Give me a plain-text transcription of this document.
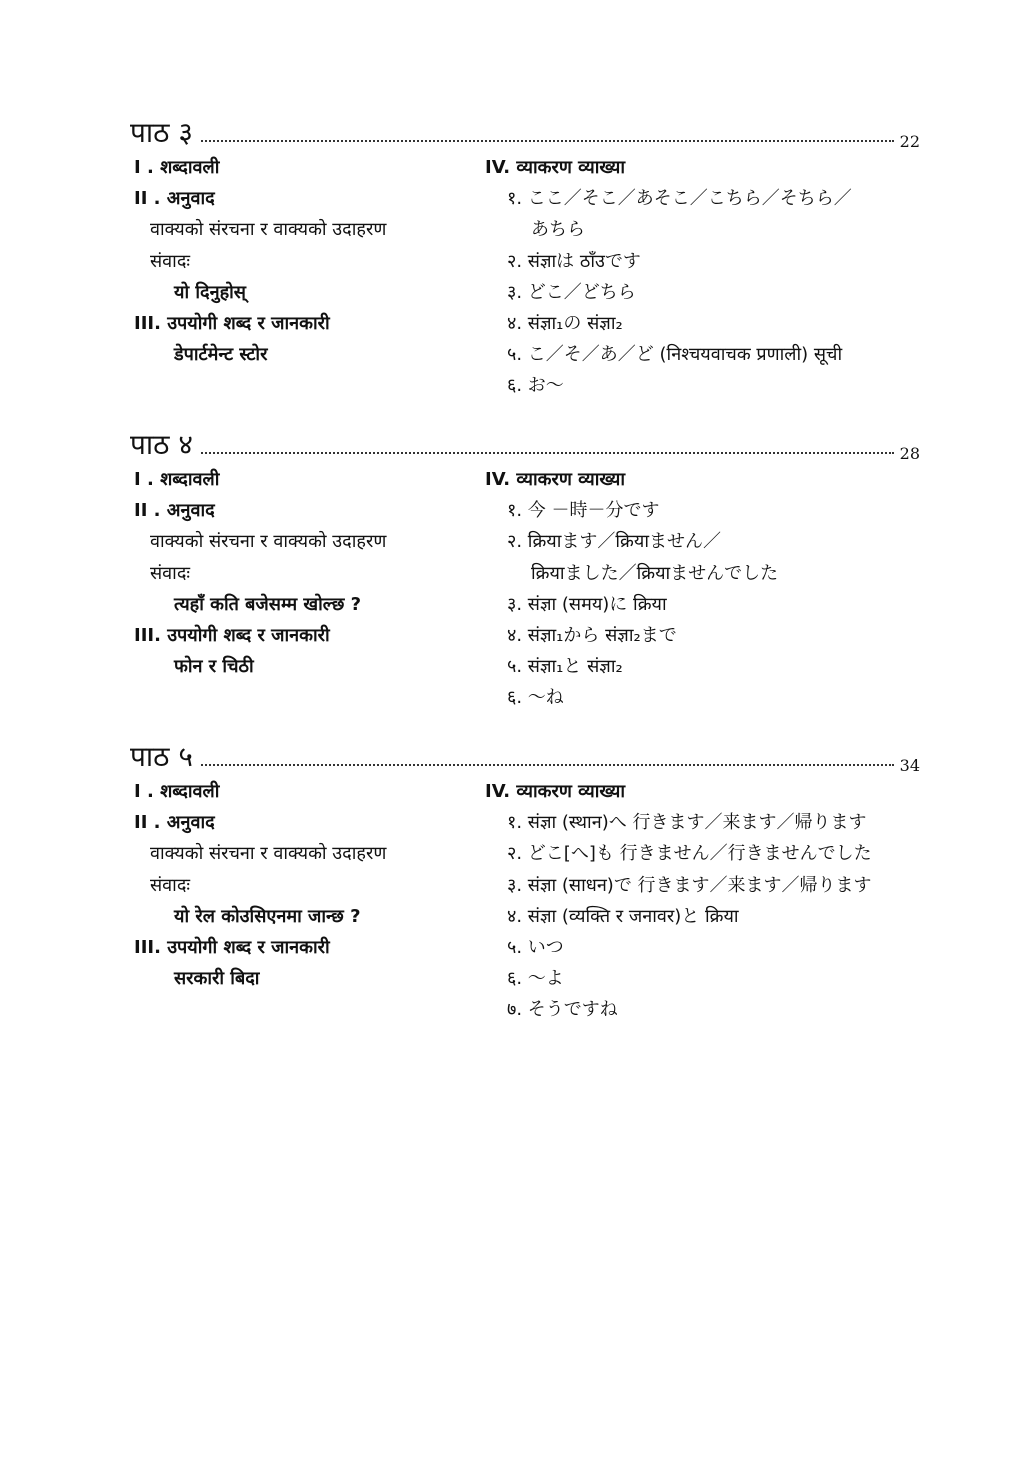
पाठ ३	22
I . शब्दावली
II . अनुवाद
वाक्यको संरचना र वाक्यको उदाहरण
संवादः
यो दिनुहोस्
III. उपयोगी शब्द र जानकारी
डेपार्टमेन्ट स्टोर
IV. व्याकरण व्याख्या
१. ここ／そこ／あそこ／こちら／そちら／
あちら
२. संज्ञाは ठाँउです
३. どこ／どちら
४. संज्ञा₁の संज्ञा₂
५. こ／そ／あ／ど (निश्चयवाचक प्रणाली) सूची
६. お～
पाठ ४	28
I . शब्दावली
II . अनुवाद
वाक्यको संरचना र वाक्यको उदाहरण
संवादः
त्यहाँ कति बजेसम्म खोल्छ ?
III. उपयोगी शब्द र जानकारी
फोन र चिठी
IV. व्याकरण व्याख्या
१. 今 －時－分です
२. क्रियाます／क्रियाません／
क्रियाました／क्रियाませんでした
३. संज्ञा (समय)に क्रिया
४. संज्ञा₁から संज्ञा₂まで
५. संज्ञा₁と संज्ञा₂
६. ～ね
पाठ ५	34
I . शब्दावली
II . अनुवाद
वाक्यको संरचना र वाक्यको उदाहरण
संवादः
यो रेल कोउसिएनमा जान्छ ?
III. उपयोगी शब्द र जानकारी
सरकारी बिदा
IV. व्याकरण व्याख्या
१. संज्ञा (स्थान)へ 行きます／来ます／帰ります
२. どこ[へ]も 行きません／行きませんでした
३. संज्ञा (साधन)で 行きます／来ます／帰ります
४. संज्ञा (व्यक्ति र जनावर)と क्रिया
५. いつ
६. ～よ
७. そうですね
